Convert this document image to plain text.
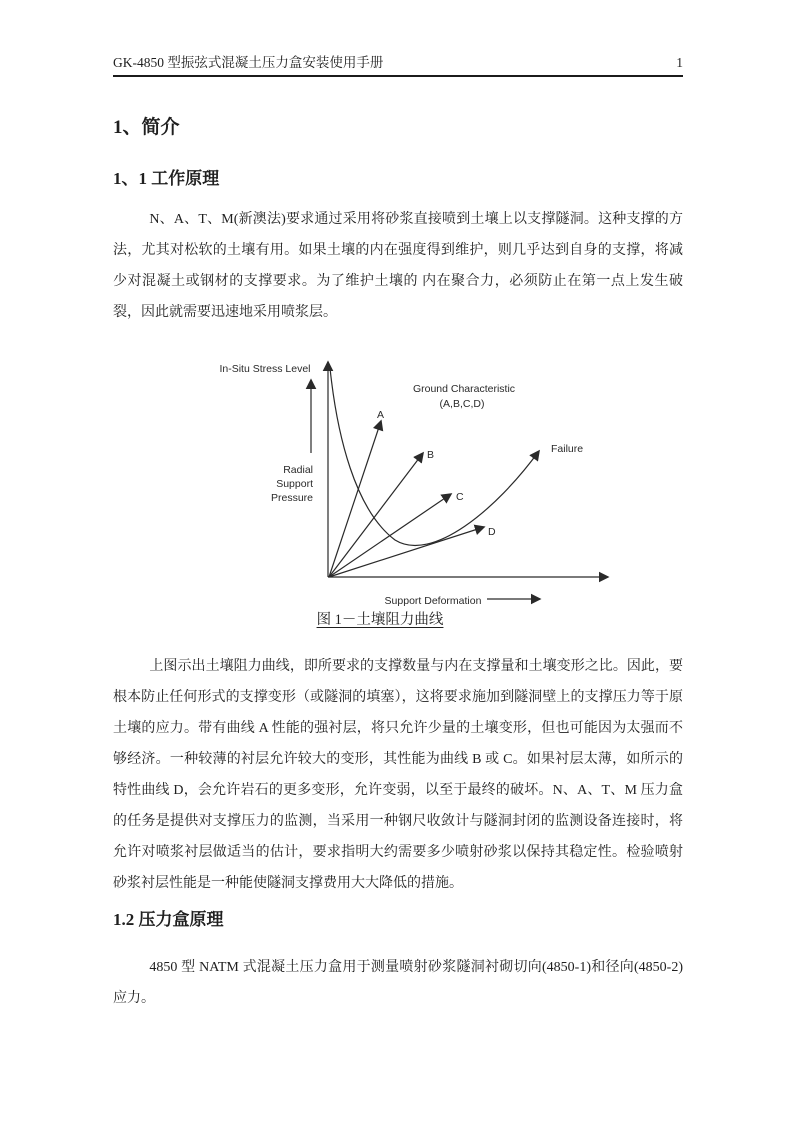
GK-4850 型振弦式混凝土压力盒安装使用手册	1
1、简介
1、1 工作原理

N、A、T、M(新澳法)要求通过采用将砂浆直接喷到土壤上以支撑隧洞。这种支撑的方法，尤其对松软的土壤有用。如果土壤的内在强度得到维护，则几乎达到自身的支撑，将减少对混凝土或钢材的支撑要求。为了维护土壤的 内在聚合力，必须防止在第一点上发生破裂，因此就需要迅速地采用喷浆层。

In-Situ Stress Level
Radial
Support
Pressure
Ground Characteristic
(A,B,C,D)
Failure
A
B
C
D
Support Deformation
图 1－土壤阻力曲线

上图示出土壤阻力曲线，即所要求的支撑数量与内在支撑量和土壤变形之比。因此，要根本防止任何形式的支撑变形（或隧洞的填塞），这将要求施加到隧洞壁上的支撑压力等于原土壤的应力。带有曲线 A 性能的强衬层，将只允许少量的土壤变形，但也可能因为太强而不够经济。一种较薄的衬层允许较大的变形，其性能为曲线 B 或 C。如果衬层太薄，如所示的特性曲线 D，会允许岩石的更多变形，允许变弱，以至于最终的破坏。N、A、T、M 压力盒的任务是提供对支撑压力的监测，当采用一种钢尺收敛计与隧洞封闭的监测设备连接时，将允许对喷浆衬层做适当的估计，要求指明大约需要多少喷射砂浆以保持其稳定性。检验喷射砂浆衬层性能是一种能使隧洞支撑费用大大降低的措施。

1.2 压力盒原理

4850 型 NATM 式混凝土压力盒用于测量喷射砂浆隧洞衬砌切向(4850-1)和径向(4850-2)应力。
